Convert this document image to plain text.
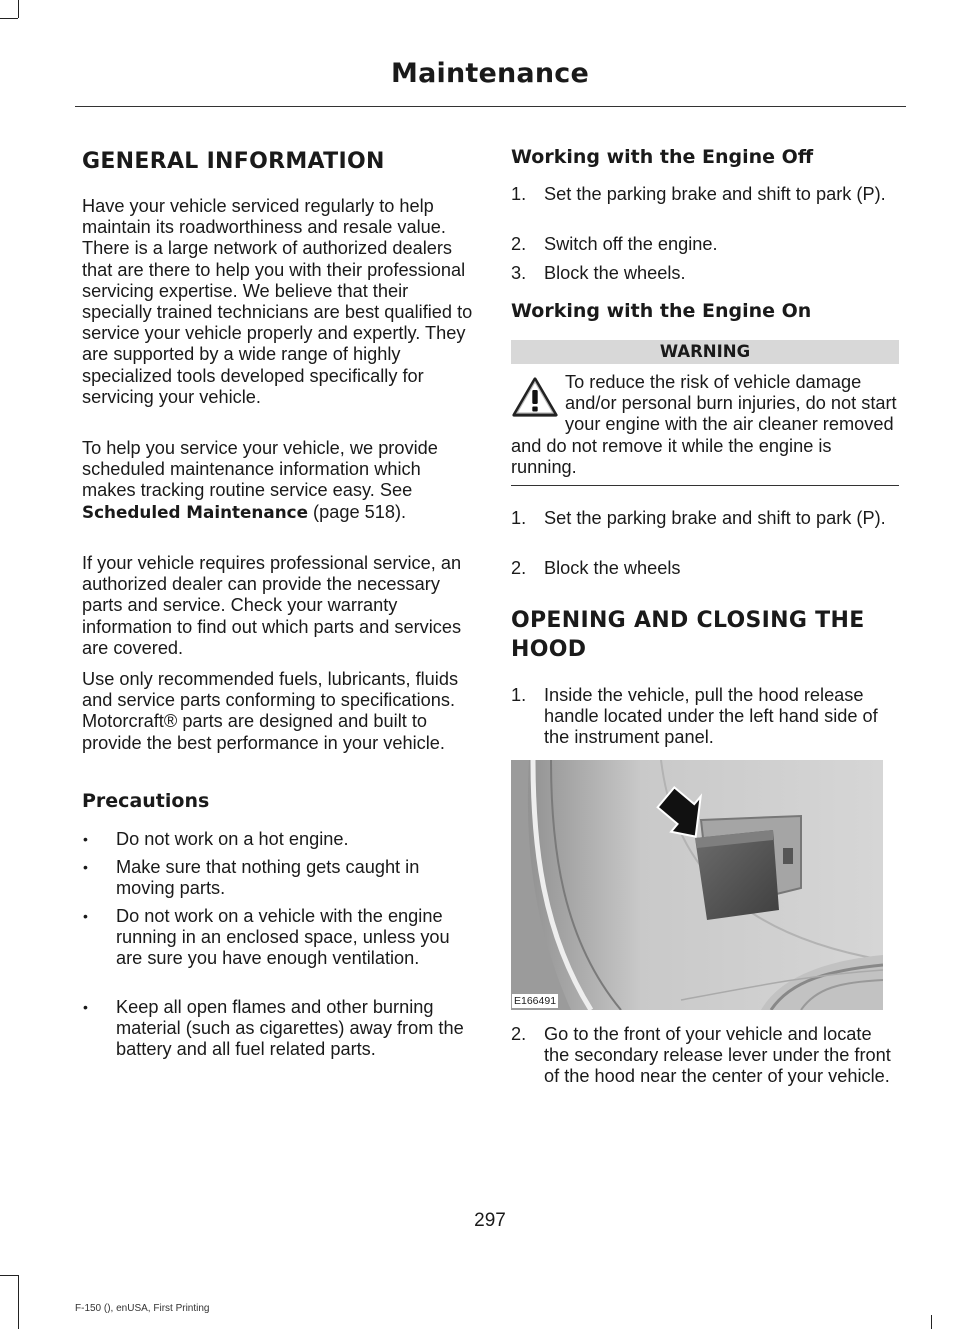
Maintenance
GENERAL INFORMATION

Have your vehicle serviced regularly to help maintain its roadworthiness and resale value. There is a large network of authorized dealers that are there to help you with their professional servicing expertise. We believe that their specially trained technicians are best qualified to service your vehicle properly and expertly. They are supported by a wide range of highly specialized tools developed specifically for servicing your vehicle.

To help you service your vehicle, we provide scheduled maintenance information which makes tracking routine service easy. See Scheduled Maintenance (page 518).

If your vehicle requires professional service, an authorized dealer can provide the necessary parts and service. Check your warranty information to find out which parts and services are covered.

Use only recommended fuels, lubricants, fluids and service parts conforming to specifications. Motorcraft® parts are designed and built to provide the best performance in your vehicle.

Precautions
•	Do not work on a hot engine.
•	Make sure that nothing gets caught in moving parts.
•	Do not work on a vehicle with the engine running in an enclosed space, unless you are sure you have enough ventilation.
•	Keep all open flames and other burning material (such as cigarettes) away from the battery and all fuel related parts.
Working with the Engine Off
1. Set the parking brake and shift to park (P).
2. Switch off the engine.
3. Block the wheels.
Working with the Engine On
WARNING

To reduce the risk of vehicle damage and/or personal burn injuries, do not start your engine with the air cleaner removed and do not remove it while the engine is running.

1. Set the parking brake and shift to park (P).
2. Block the wheels
OPENING AND CLOSING THE
HOOD
1. Inside the vehicle, pull the hood release handle located under the left hand side of the instrument panel.
E166491
2. Go to the front of your vehicle and locate the secondary release lever under the front of the hood near the center of your vehicle.
297
F-150 (), enUSA, First Printing
